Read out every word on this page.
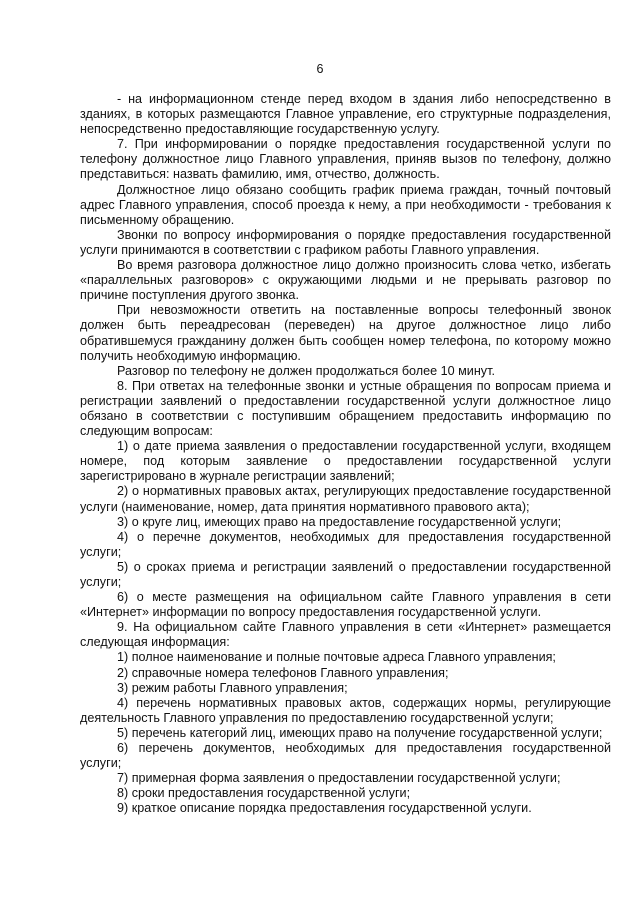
6

- на информационном стенде перед входом в здания либо непосредственно в зданиях, в которых размещаются Главное управление, его структурные подразделения, непосредственно предоставляющие государственную услугу.

7. При информировании о порядке предоставления государственной услуги по телефону должностное лицо Главного управления, приняв вызов по телефону, должно представиться: назвать фамилию, имя, отчество, должность.

Должностное лицо обязано сообщить график приема граждан, точный почтовый адрес Главного управления, способ проезда к нему, а при необходимости - требования к письменному обращению.

Звонки по вопросу информирования о порядке предоставления государственной услуги принимаются в соответствии с графиком работы Главного управления.

Во время разговора должностное лицо должно произносить слова четко, избегать «параллельных разговоров» с окружающими людьми и не прерывать разговор по причине поступления другого звонка.

При невозможности ответить на поставленные вопросы телефонный звонок должен быть переадресован (переведен) на другое должностное лицо либо обратившемуся гражданину должен быть сообщен номер телефона, по которому можно получить необходимую информацию.

Разговор по телефону не должен продолжаться более 10 минут.

8. При ответах на телефонные звонки и устные обращения по вопросам приема и регистрации заявлений о предоставлении государственной услуги должностное лицо обязано в соответствии с поступившим обращением предоставить информацию по следующим вопросам:

1) о дате приема заявления о предоставлении государственной услуги, входящем номере, под которым заявление о предоставлении государственной услуги зарегистрировано в журнале регистрации заявлений;

2) о нормативных правовых актах, регулирующих предоставление государственной услуги (наименование, номер, дата принятия нормативного правового акта);

3) о круге лиц, имеющих право на предоставление государственной услуги;

4) о перечне документов, необходимых для предоставления государственной услуги;

5) о сроках приема и регистрации заявлений о предоставлении государственной услуги;

6) о месте размещения на официальном сайте Главного управления в сети «Интернет» информации по вопросу предоставления государственной услуги.

9. На официальном сайте Главного управления в сети «Интернет» размещается следующая информация:

1) полное наименование и полные почтовые адреса Главного управления;

2) справочные номера телефонов Главного управления;

3) режим работы Главного управления;

4) перечень нормативных правовых актов, содержащих нормы, регулирующие деятельность Главного управления по предоставлению государственной услуги;

5) перечень категорий лиц, имеющих право на получение государственной услуги;

6) перечень документов, необходимых для предоставления государственной услуги;

7) примерная форма заявления о предоставлении государственной услуги;

8) сроки предоставления государственной услуги;

9) краткое описание порядка предоставления государственной услуги.
